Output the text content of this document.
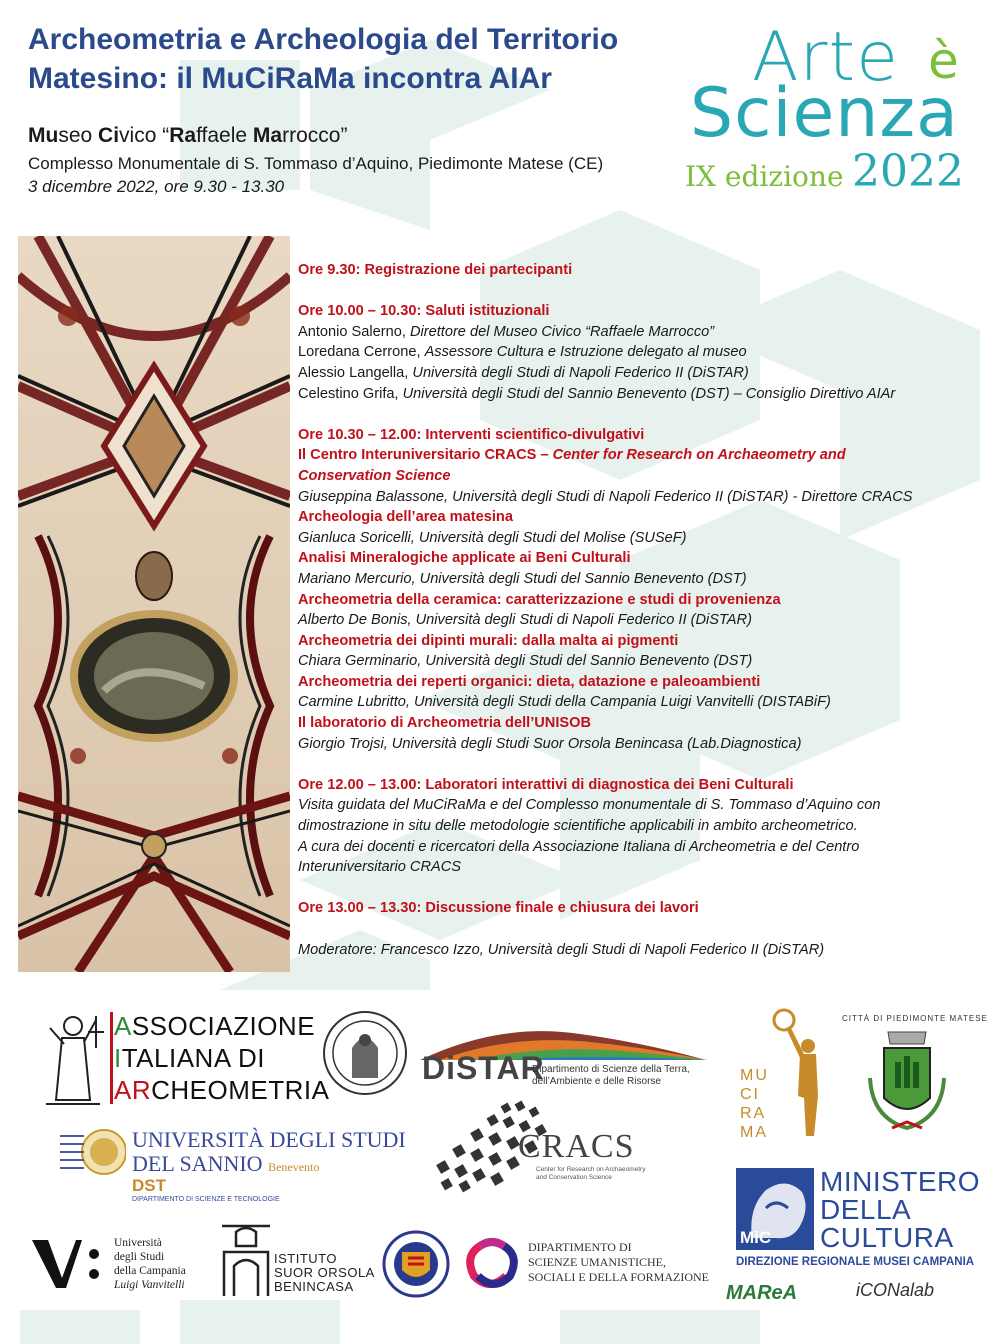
Archeometria e Archeologia del Territorio
Matesino: il MuCiRaMa incontra AIAr
Museo Civico “Raffaele Marrocco”
Complesso Monumentale di S. Tommaso d’Aquino, Piedimonte Matese (CE)
3 dicembre 2022, ore 9.30 - 13.30
Arte è
Scienza
IX edizione 2022
Ore 9.30: Registrazione dei partecipanti
Ore 10.00 – 10.30: Saluti istituzionali
Antonio Salerno, Direttore del Museo Civico “Raffaele Marrocco”
Loredana Cerrone, Assessore Cultura e Istruzione delegato al museo
Alessio Langella, Università degli Studi di Napoli Federico II (DiSTAR)
Celestino Grifa, Università degli Studi del Sannio Benevento (DST) – Consiglio Direttivo AIAr
Ore 10.30 – 12.00: Interventi scientifico-divulgativi
Il Centro Interuniversitario CRACS – Center for Research on Archaeometry and
Conservation Science
Giuseppina Balassone, Università degli Studi di Napoli Federico II (DiSTAR) - Direttore CRACS
Archeologia dell’area matesina
Gianluca Soricelli, Università degli Studi del Molise (SUSeF)
Analisi Mineralogiche applicate ai Beni Culturali
Mariano Mercurio, Università degli Studi del Sannio Benevento (DST)
Archeometria della ceramica: caratterizzazione e studi di provenienza
Alberto De Bonis, Università degli Studi di Napoli Federico II (DiSTAR)
Archeometria dei dipinti murali: dalla malta ai pigmenti
Chiara Germinario, Università degli Studi del Sannio Benevento (DST)
Archeometria dei reperti organici: dieta, datazione e paleoambienti
Carmine Lubritto, Università degli Studi della Campania Luigi Vanvitelli (DISTABiF)
Il laboratorio di Archeometria dell’UNISOB
Giorgio Trojsi, Università degli Studi Suor Orsola Benincasa (Lab.Diagnostica)
Ore 12.00 – 13.00: Laboratori interattivi di diagnostica dei Beni Culturali
Visita guidata del MuCiRaMa e del Complesso monumentale di S. Tommaso d’Aquino con
dimostrazione in situ delle metodologie scientifiche applicabili in ambito archeometrico.
A cura dei docenti e ricercatori della Associazione Italiana di Archeometria e del Centro
Interuniversitario CRACS
Ore 13.00 – 13.30: Discussione finale e chiusura dei lavori
Moderatore: Francesco Izzo, Università degli Studi di Napoli Federico II (DiSTAR)
ASSOCIAZIONE
ITALIANA DI
ARCHEOMETRIA
DiSTAR
Dipartimento di Scienze della Terra,
dell’Ambiente e delle Risorse	MU
CI
RA
MA
CITTÀ DI PIEDIMONTE MATESE
UNIVERSITÀ DEGLI STUDI
DEL SANNIO Benevento
DST
DIPARTIMENTO DI SCIENZE E TECNOLOGIE
CRACS
Center for Research on Archaeometry
and Conservation Science
MiC
MINISTERO
DELLA
CULTURA
DIREZIONE REGIONALE MUSEI CAMPANIA
Università
degli Studi
della Campania
Luigi Vanvitelli
ISTITUTO
SUOR ORSOLA
BENINCASA
DIPARTIMENTO DI
SCIENZE UMANISTICHE,
SOCIALI E DELLA FORMAZIONE
MAReA	iCONalab
